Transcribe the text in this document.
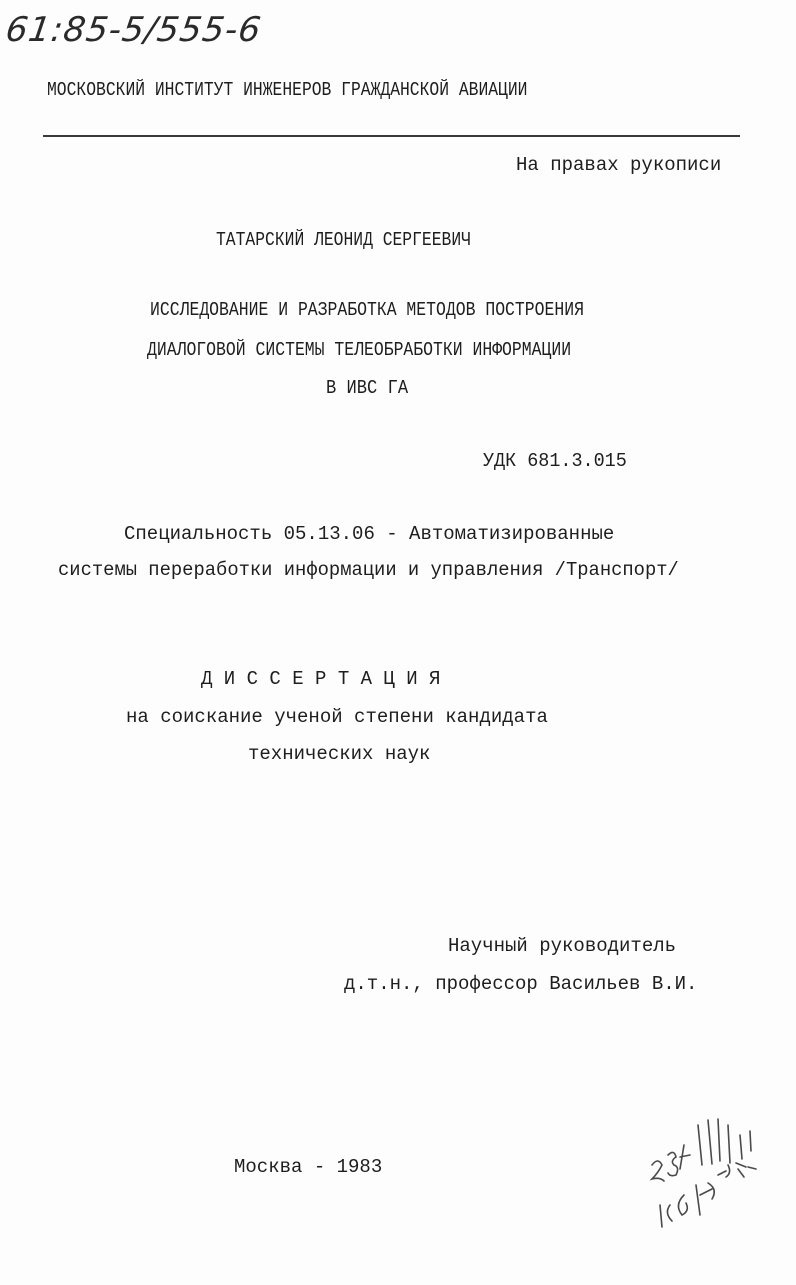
61:85-5/555-6
МОСКОВСКИЙ ИНСТИТУТ ИНЖЕНЕРОВ ГРАЖДАНСКОЙ АВИАЦИИ
На правах рукописи
ТАТАРСКИЙ ЛЕОНИД СЕРГЕЕВИЧ
ИССЛЕДОВАНИЕ И РАЗРАБОТКА МЕТОДОВ ПОСТРОЕНИЯ
ДИАЛОГОВОЙ СИСТЕМЫ ТЕЛЕОБРАБОТКИ ИНФОРМАЦИИ
В ИВС ГА
УДК 681.3.015
Специальность 05.13.06 - Автоматизированные
системы переработки информации и управления /Транспорт/
Д И С С Е Р Т А Ц И Я
на соискание ученой степени кандидата
технических наук
Научный руководитель
д.т.н., профессор Васильев В.И.
Москва - 1983
